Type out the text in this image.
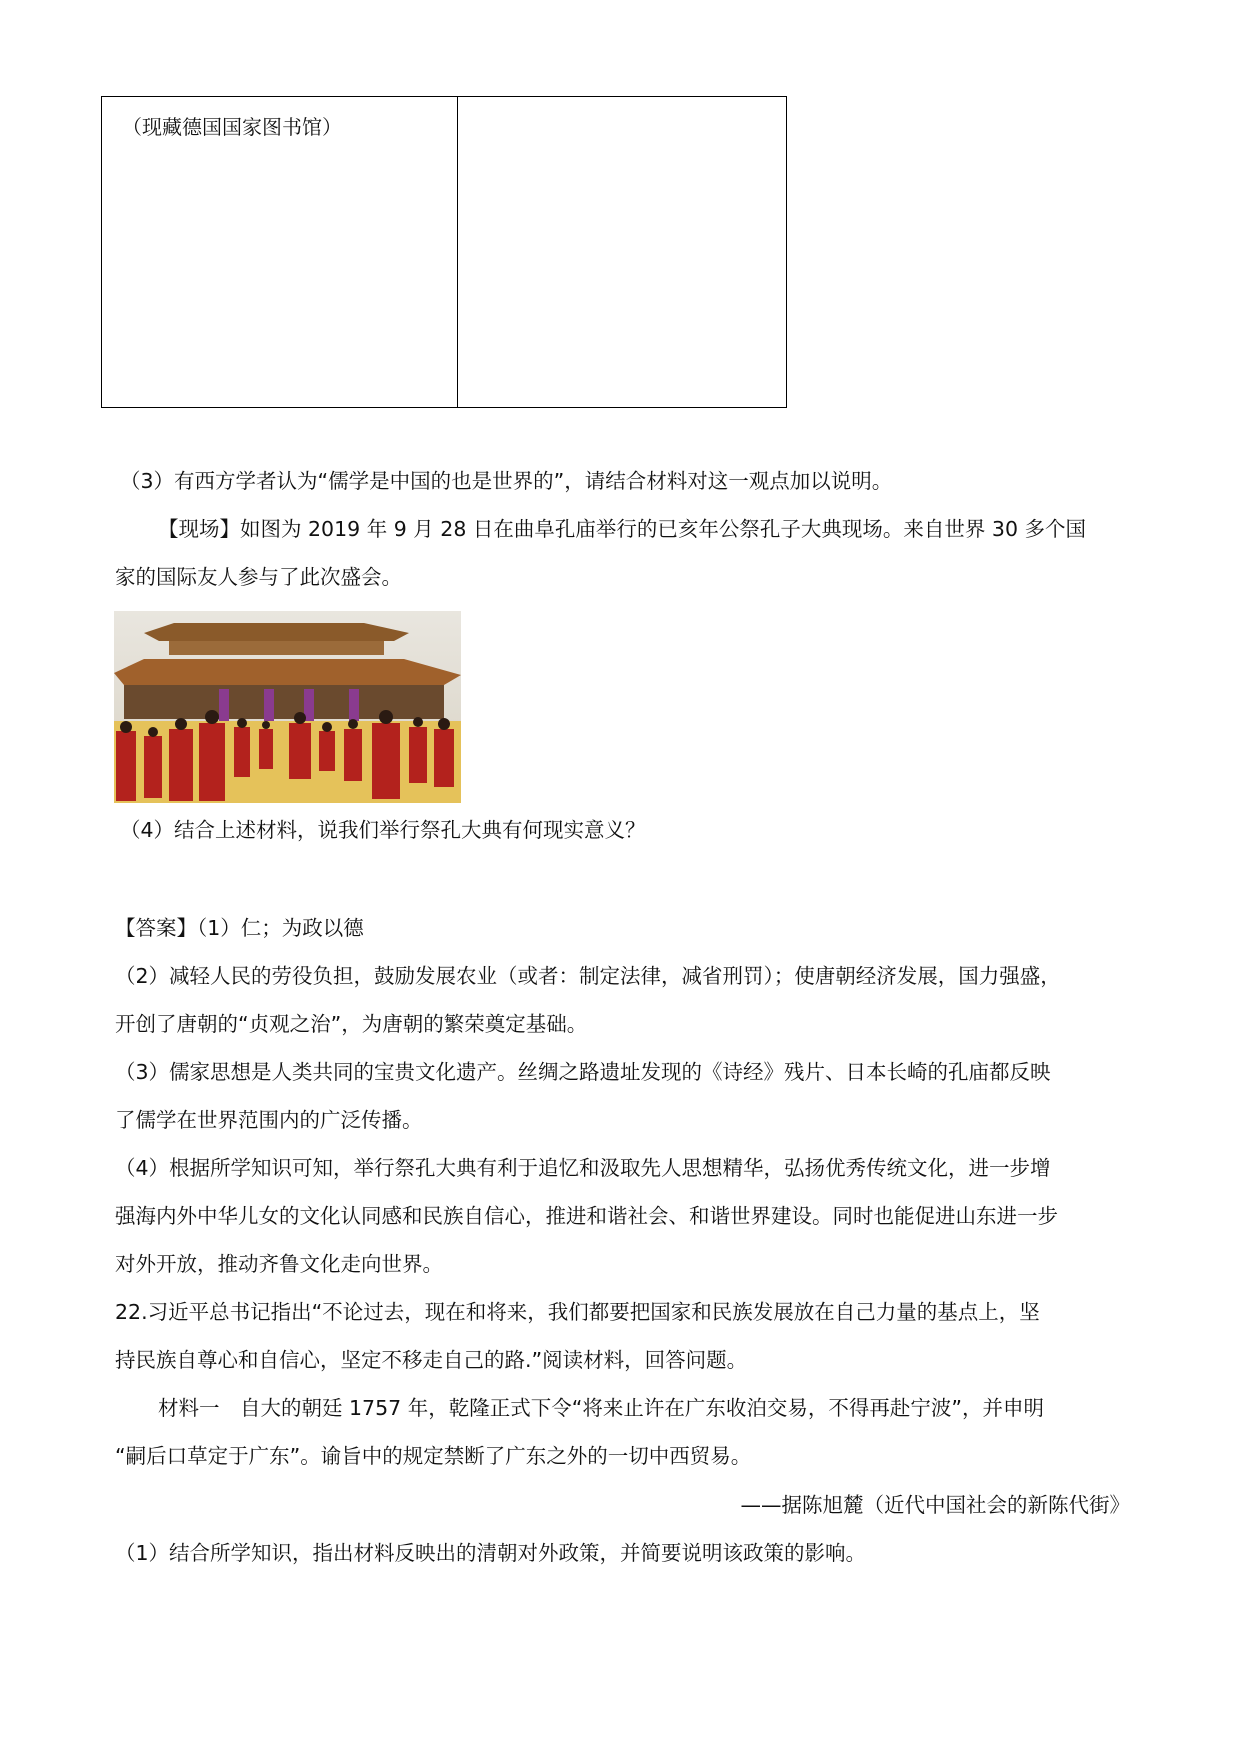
（现藏德国国家图书馆）
（3）有西方学者认为“儒学是中国的也是世界的”，请结合材料对这一观点加以说明。
【现场】如图为 2019 年 9 月 28 日在曲阜孔庙举行的已亥年公祭孔子大典现场。来自世界 30 多个国
家的国际友人参与了此次盛会。
（4）结合上述材料，说我们举行祭孔大典有何现实意义？
【答案】（1）仁；为政以德
（2）减轻人民的劳役负担，鼓励发展农业（或者：制定法律，减省刑罚）；使唐朝经济发展，国力强盛，
开创了唐朝的“贞观之治”，为唐朝的繁荣奠定基础。
（3）儒家思想是人类共同的宝贵文化遗产。丝绸之路遗址发现的《诗经》残片、日本长崎的孔庙都反映
了儒学在世界范围内的广泛传播。
（4）根据所学知识可知，举行祭孔大典有利于追忆和汲取先人思想精华，弘扬优秀传统文化，进一步增
强海内外中华儿女的文化认同感和民族自信心，推进和谐社会、和谐世界建设。同时也能促进山东进一步
对外开放，推动齐鲁文化走向世界。
22.习近平总书记指出“不论过去，现在和将来，我们都要把国家和民族发展放在自己力量的基点上，坚
持民族自尊心和自信心，坚定不移走自己的路.”阅读材料，回答问题。
材料一　自大的朝廷 1757 年，乾隆正式下令“将来止许在广东收泊交易，不得再赴宁波”，并申明
“嗣后口草定于广东”。谕旨中的规定禁断了广东之外的一切中西贸易。
——据陈旭麓（近代中国社会的新陈代街》
（1）结合所学知识，指出材料反映出的清朝对外政策，并简要说明该政策的影响。
